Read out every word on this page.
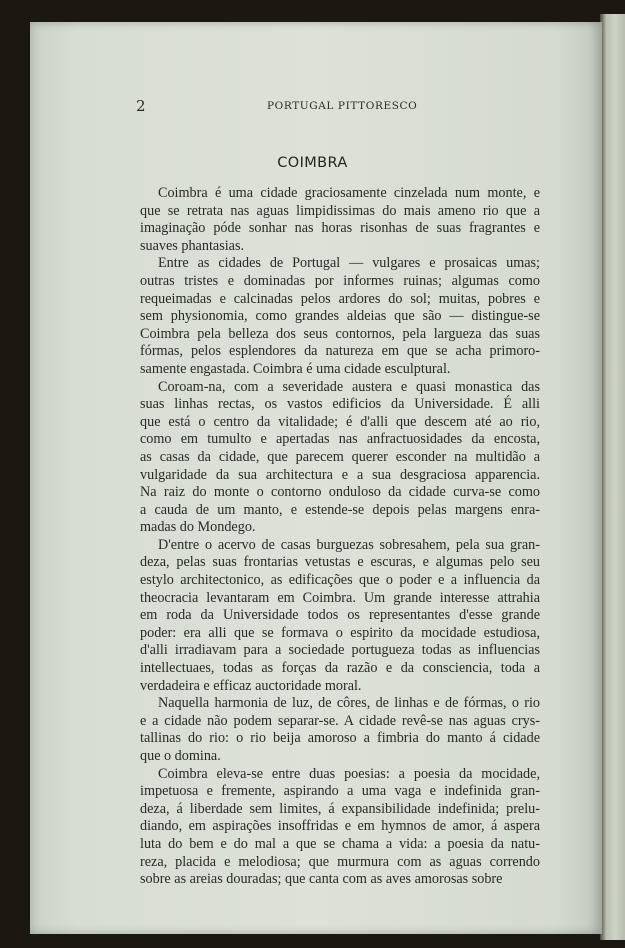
2	PORTUGAL PITTORESCO
COIMBRA

Coimbra é uma cidade graciosamente cinzelada num monte, e
que se retrata nas aguas limpidissimas do mais ameno rio que a
imaginação póde sonhar nas horas risonhas de suas fragrantes e
suaves phantasias.

Entre as cidades de Portugal — vulgares e prosaicas umas;
outras tristes e dominadas por informes ruinas; algumas como
requeimadas e calcinadas pelos ardores do sol; muitas, pobres e
sem physionomia, como grandes aldeias que são — distingue-se
Coimbra pela belleza dos seus contornos, pela largueza das suas
fórmas, pelos esplendores da natureza em que se acha primoro-
samente engastada. Coimbra é uma cidade esculptural.

Coroam-na, com a severidade austera e quasi monastica das
suas linhas rectas, os vastos edificios da Universidade. É alli
que está o centro da vitalidade; é d'alli que descem até ao rio,
como em tumulto e apertadas nas anfractuosidades da encosta,
as casas da cidade, que parecem querer esconder na multidão a
vulgaridade da sua architectura e a sua desgraciosa apparencia.
Na raiz do monte o contorno onduloso da cidade curva-se como
a cauda de um manto, e estende-se depois pelas margens enra-
madas do Mondego.

D'entre o acervo de casas burguezas sobresahem, pela sua gran-
deza, pelas suas frontarias vetustas e escuras, e algumas pelo seu
estylo architectonico, as edificações que o poder e a influencia da
theocracia levantaram em Coimbra. Um grande interesse attrahia
em roda da Universidade todos os representantes d'esse grande
poder: era alli que se formava o espirito da mocidade estudiosa,
d'alli irradiavam para a sociedade portugueza todas as influencias
intellectuaes, todas as forças da razão e da consciencia, toda a
verdadeira e efficaz auctoridade moral.

Naquella harmonia de luz, de côres, de linhas e de fórmas, o rio
e a cidade não podem separar-se. A cidade revê-se nas aguas crys-
tallinas do rio: o rio beija amoroso a fimbria do manto á cidade
que o domina.

Coimbra eleva-se entre duas poesias: a poesia da mocidade,
impetuosa e fremente, aspirando a uma vaga e indefinida gran-
deza, á liberdade sem limites, á expansibilidade indefinida; prelu-
diando, em aspirações insoffridas e em hymnos de amor, á aspera
luta do bem e do mal a que se chama a vida: a poesia da natu-
reza, placida e melodiosa; que murmura com as aguas correndo
sobre as areias douradas; que canta com as aves amorosas sobre
